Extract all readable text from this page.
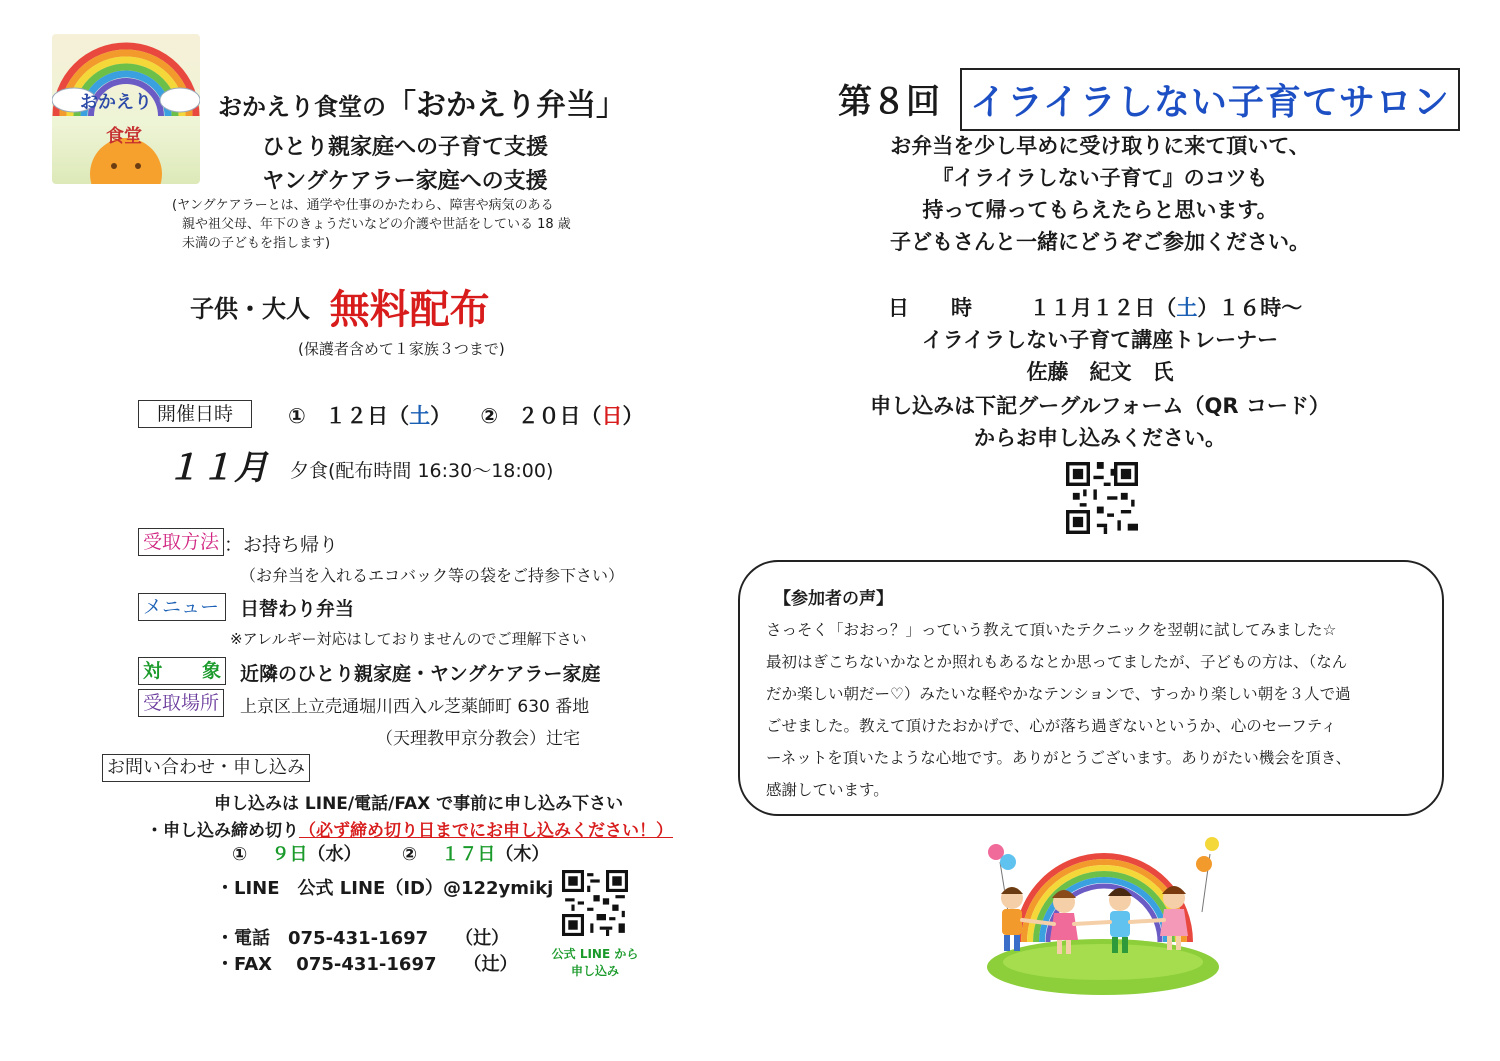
おかえり
食堂
おかえり食堂の「おかえり弁当」
ひとり親家庭への子育て支援
ヤングケアラー家庭への支援
(ヤングケアラーとは、通学や仕事のかたわら、障害や病気のある
親や祖父母、年下のきょうだいなどの介護や世話をしている 18 歳
未満の子どもを指します)
子供・大人 無料配布
(保護者含めて１家族３つまで)
開催日時	① １２日（土） ② ２０日（日）
１１月 夕食(配布時間 16:30～18:00)
受取方法 ：お持ち帰り
（お弁当を入れるエコバック等の袋をご持参下さい）
メニュー	日替わり弁当
※アレルギー対応はしておりませんのでご理解下さい
対 象 近隣のひとり親家庭・ヤングケアラー家庭
受取場所 上京区上立売通堀川西入ル芝薬師町 630 番地
（天理教甲京分教会）辻宅
お問い合わせ・申し込み
申し込みは LINE/電話/FAX で事前に申し込み下さい
・申し込み締め切り（必ず締め切り日までにお申し込みください！）
① ９日（水） ② １７日（木）
・LINE　公式 LINE（ID）@122ymikj
・電話　075-431-1697　　（辻）
・FAX　 075-431-1697　　（辻）	公式 LINE から
申し込み
第８回 イライラしない子育てサロン
お弁当を少し早めに受け取りに来て頂いて、
『イライラしない子育て』のコツも
持って帰ってもらえたらと思います。
子どもさんと一緒にどうぞご参加ください。
日　　時	１１月１２日（土）１６時～
イライラしない子育て講座トレーナー
佐藤　紀文　氏
申し込みは下記グーグルフォーム（QR コード）
からお申し込みください。
【参加者の声】
さっそく「おおっ？」っていう教えて頂いたテクニックを翌朝に試してみました☆
最初はぎこちないかなとか照れもあるなとか思ってましたが、子どもの方は、（なん
だか楽しい朝だー♡）みたいな軽やかなテンションで、すっかり楽しい朝を３人で過
ごせました。教えて頂けたおかげで、心が落ち過ぎないというか、心のセーフティ
ーネットを頂いたような心地です。ありがとうございます。ありがたい機会を頂き、
感謝しています。
